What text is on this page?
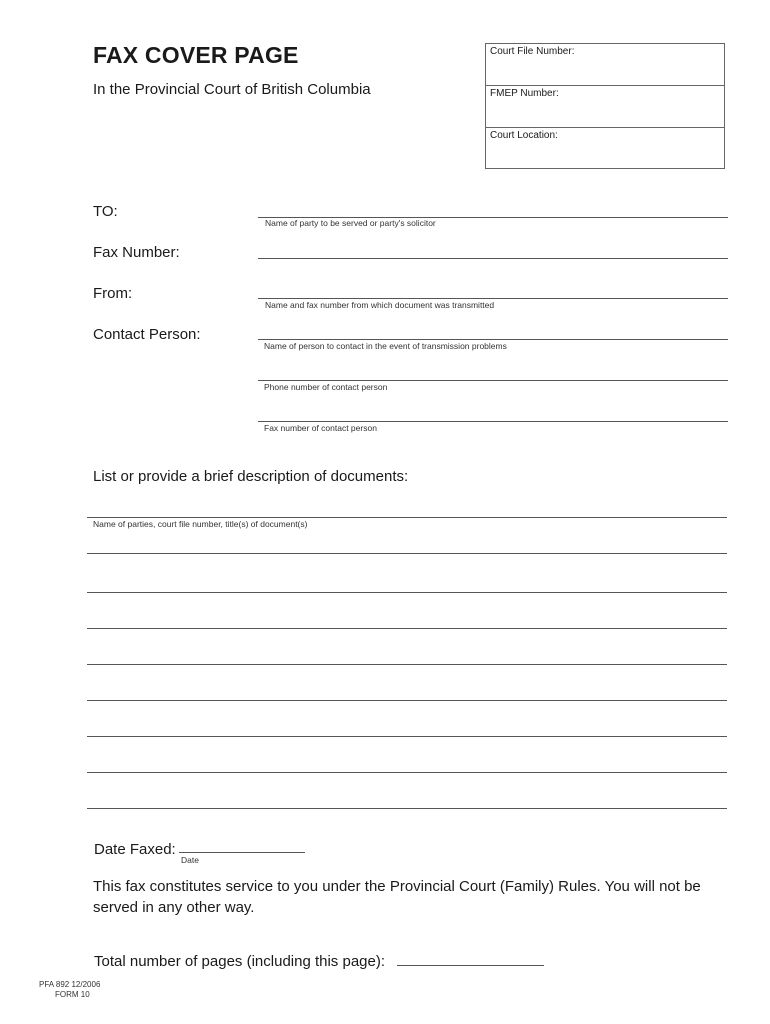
FAX COVER PAGE
In the Provincial Court of British Columbia
Court File Number:
FMEP Number:
Court Location:
TO:
Name of party to be served or party's solicitor
Fax Number:
From:
Name and fax number from which document was transmitted
Contact Person:
Name of person to contact in the event of transmission problems
Phone number of contact person
Fax number of contact person
List or provide a brief description of documents:
Name of parties, court file number, title(s) of document(s)
Date Faxed:
Date
This fax constitutes service to you under the Provincial Court (Family) Rules. You will not be served in any other way.
Total number of pages (including this page):
PFA 892 12/2006
FORM 10
